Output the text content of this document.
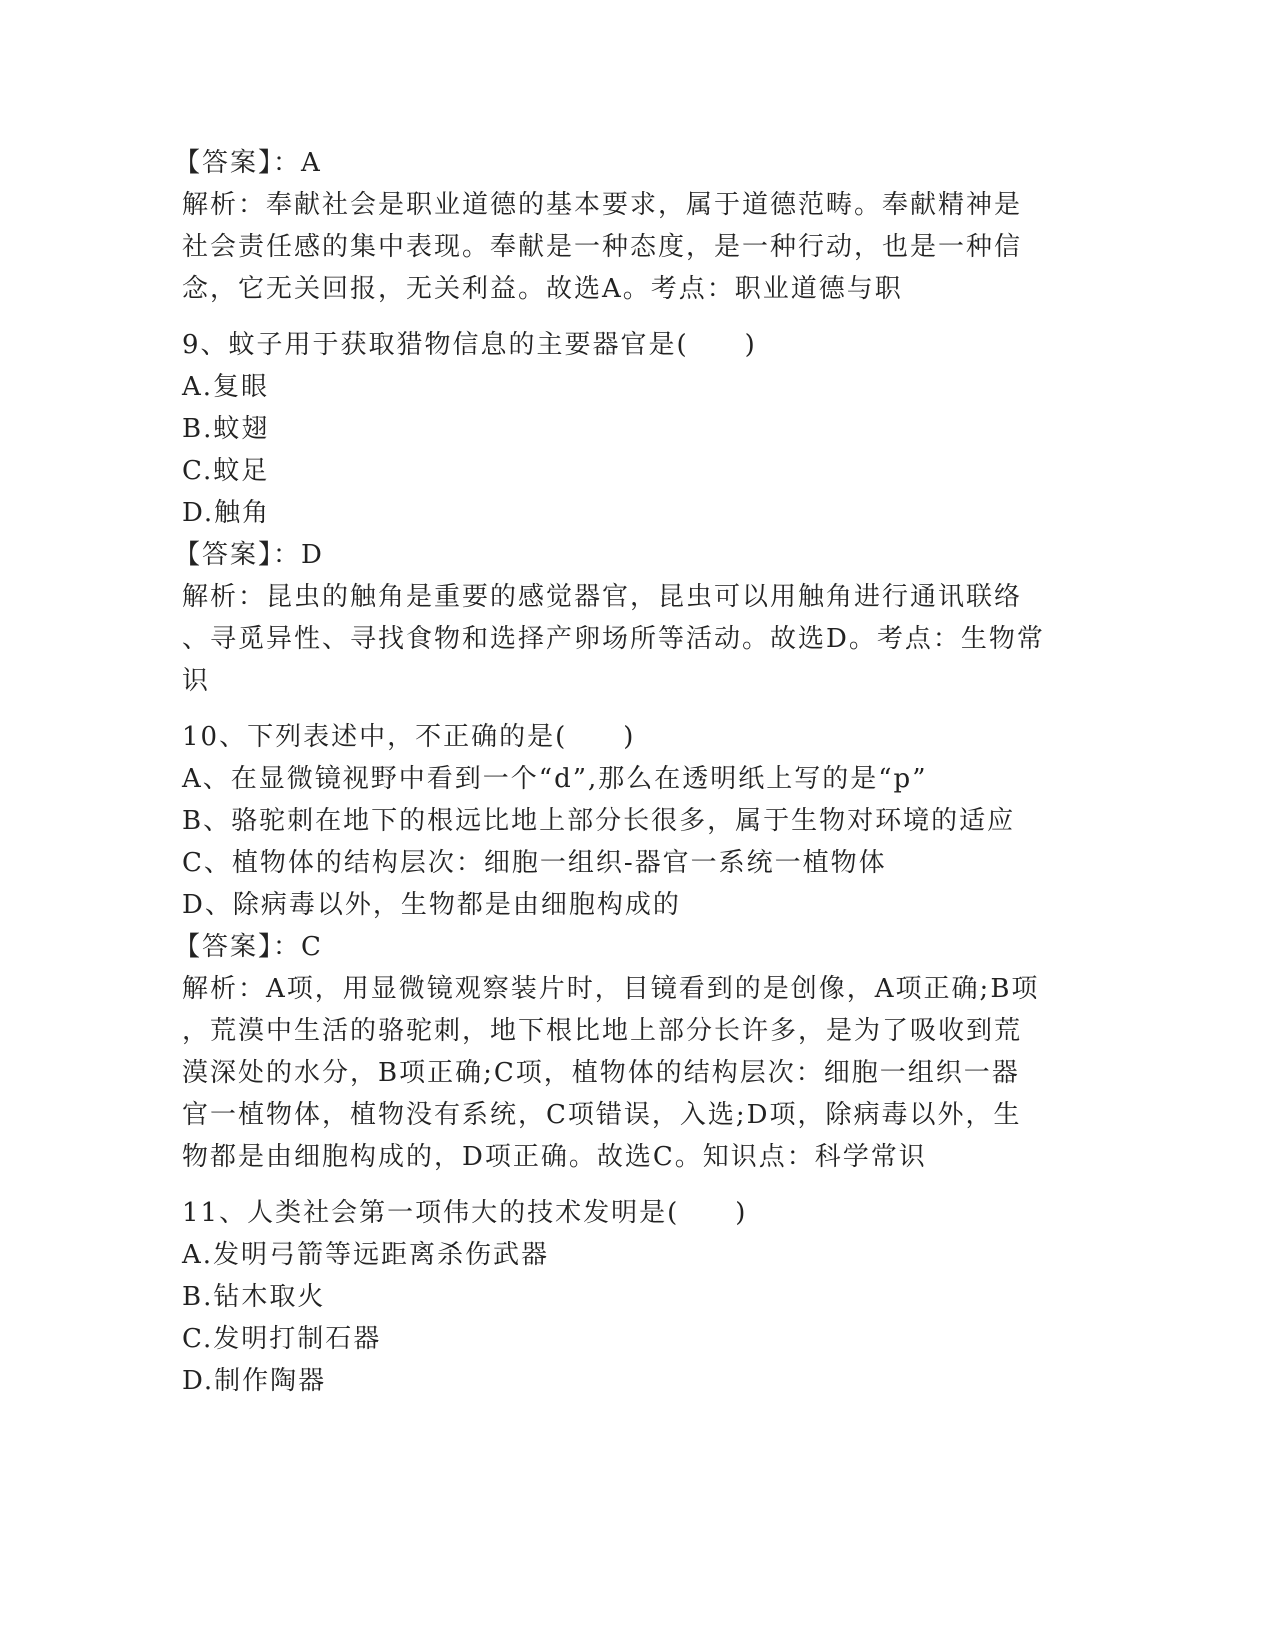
【答案】：A
解析：奉献社会是职业道德的基本要求，属于道德范畴。奉献精神是
社会责任感的集中表现。奉献是一种态度，是一种行动，也是一种信
念，它无关回报，无关利益。故选A。考点：职业道德与职
9、蚊子用于获取猎物信息的主要器官是(　　)
A.复眼
B.蚊翅
C.蚊足
D.触角
【答案】：D
解析：昆虫的触角是重要的感觉器官，昆虫可以用触角进行通讯联络
、寻觅异性、寻找食物和选择产卵场所等活动。故选D。考点：生物常
识
10、下列表述中，不正确的是(　　)
A、在显微镜视野中看到一个“d”,那么在透明纸上写的是“p”
B、骆驼刺在地下的根远比地上部分长很多，属于生物对环境的适应
C、植物体的结构层次：细胞一组织-器官一系统一植物体
D、除病毒以外，生物都是由细胞构成的
【答案】：C
解析：A项，用显微镜观察装片时，目镜看到的是创像，A项正确;B项
，荒漠中生活的骆驼刺，地下根比地上部分长许多，是为了吸收到荒
漠深处的水分，B项正确;C项，植物体的结构层次：细胞一组织一器
官一植物体，植物没有系统，C项错误，入选;D项，除病毒以外，生
物都是由细胞构成的，D项正确。故选C。知识点：科学常识
11、人类社会第一项伟大的技术发明是(　　)
A.发明弓箭等远距离杀伤武器
B.钻木取火
C.发明打制石器
D.制作陶器
